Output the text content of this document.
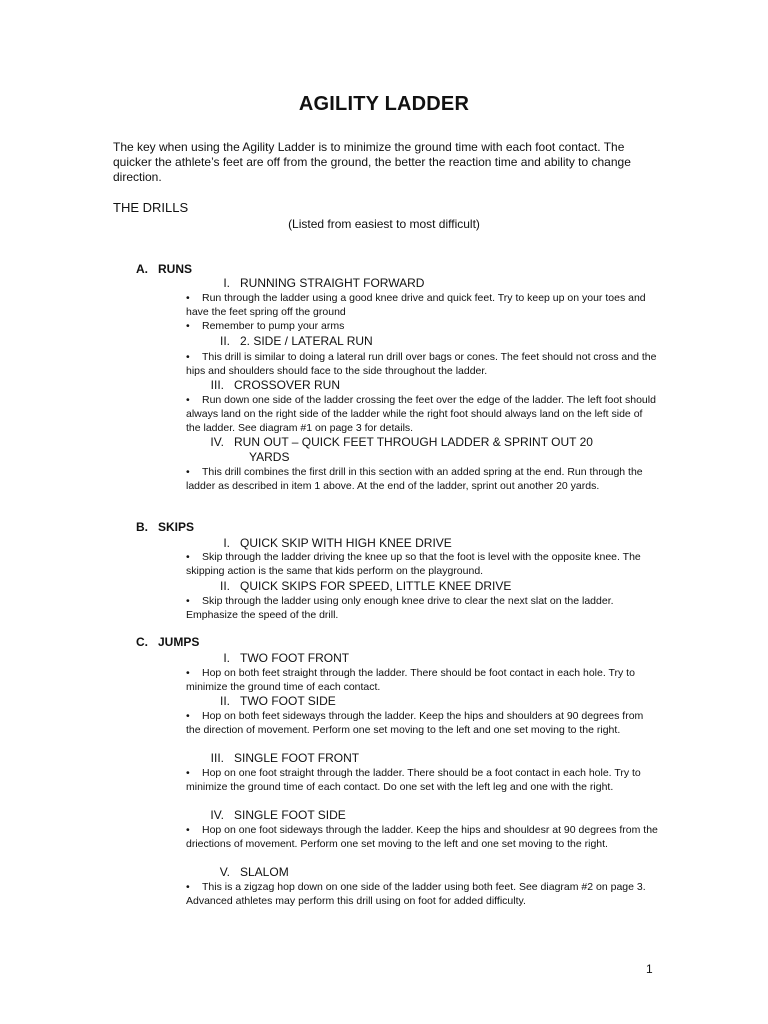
AGILITY LADDER
The key when using the Agility Ladder is to minimize the ground time with each foot contact. The quicker the athlete’s feet are off from the ground, the better the reaction time and ability to change direction.
THE DRILLS
(Listed from easiest to most difficult)
A. RUNS
I. RUNNING STRAIGHT FORWARD
• Run through the ladder using a good knee drive and quick feet. Try to keep up on your toes and have the feet spring off the ground
• Remember to pump your arms
II. 2. SIDE / LATERAL RUN
• This drill is similar to doing a lateral run drill over bags or cones. The feet should not cross and the hips and shoulders should face to the side throughout the ladder.
III. CROSSOVER RUN
• Run down one side of the ladder crossing the feet over the edge of the ladder. The left foot should always land on the right side of the ladder while the right foot should always land on the left side of the ladder. See diagram #1 on page 3 for details.
IV. RUN OUT – QUICK FEET THROUGH LADDER & SPRINT OUT 20
YARDS
• This drill combines the first drill in this section with an added spring at the end. Run through the ladder as described in item 1 above. At the end of the ladder, sprint out another 20 yards.
B. SKIPS
I. QUICK SKIP WITH HIGH KNEE DRIVE
• Skip through the ladder driving the knee up so that the foot is level with the opposite knee. The skipping action is the same that kids perform on the playground.
II. QUICK SKIPS FOR SPEED, LITTLE KNEE DRIVE
• Skip through the ladder using only enough knee drive to clear the next slat on the ladder. Emphasize the speed of the drill.
C. JUMPS
I. TWO FOOT FRONT
• Hop on both feet straight through the ladder. There should be foot contact in each hole. Try to minimize the ground time of each contact.
II. TWO FOOT SIDE
• Hop on both feet sideways through the ladder. Keep the hips and shoulders at 90 degrees from the direction of movement. Perform one set moving to the left and one set moving to the right.
III. SINGLE FOOT FRONT
• Hop on one foot straight through the ladder. There should be a foot contact in each hole. Try to minimize the ground time of each contact. Do one set with the left leg and one with the right.
IV. SINGLE FOOT SIDE
• Hop on one foot sideways through the ladder. Keep the hips and shouldesr at 90 degrees from the driections of movement. Perform one set moving to the left and one set moving to the right.
V. SLALOM
• This is a zigzag hop down on one side of the ladder using both feet. See diagram #2 on page 3. Advanced athletes may perform this drill using on foot for added difficulty.
1
